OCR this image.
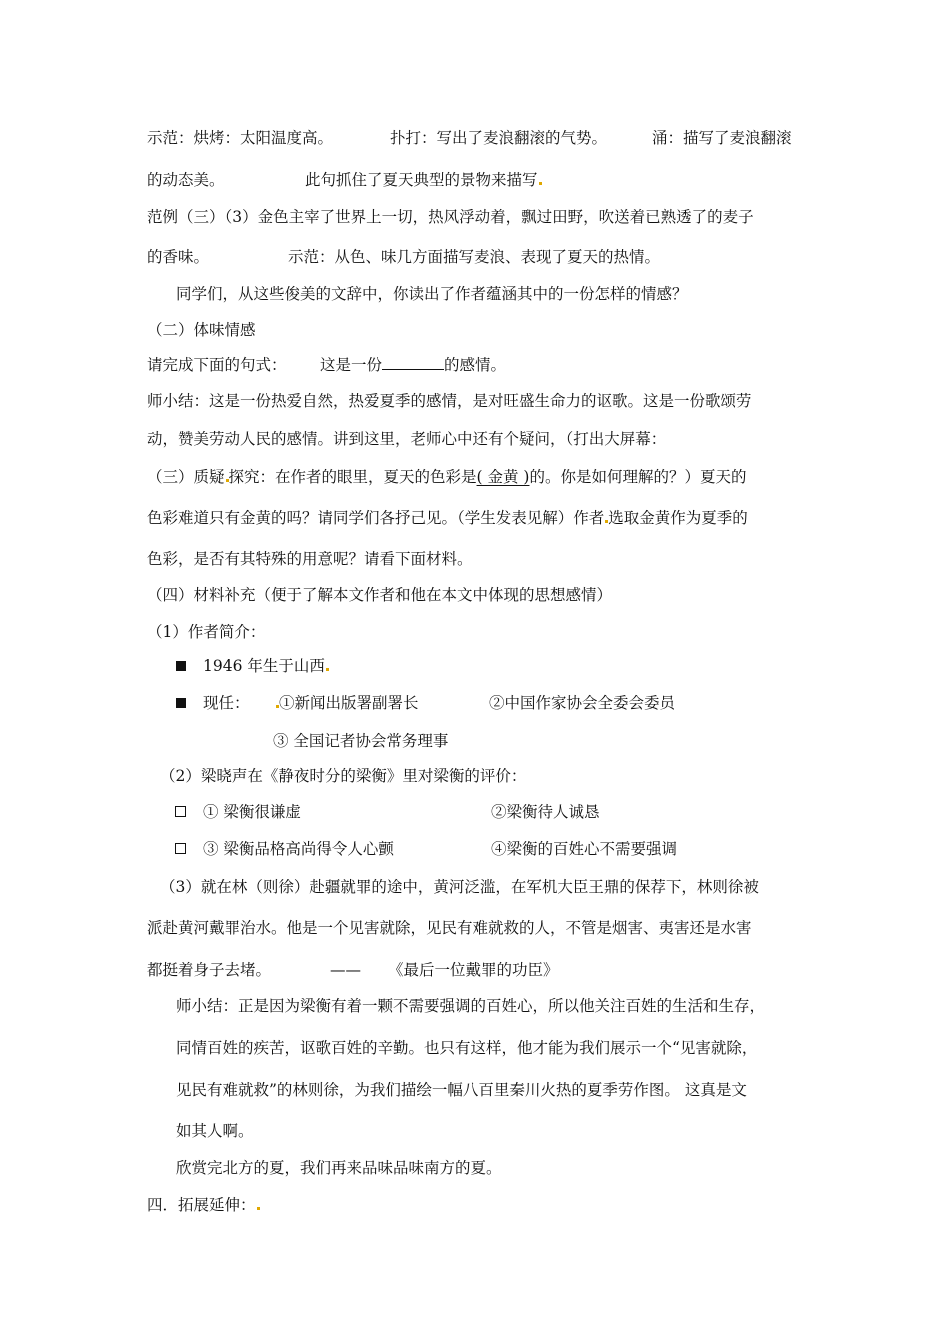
示范：烘烤：太阳温度高。	扑打：写出了麦浪翻滚的气势。	涌：描写了麦浪翻滚
的动态美。	此句抓住了夏天典型的景物来描写
范例（三）（3）金色主宰了世界上一切，热风浮动着，飘过田野，吹送着已熟透了的麦子
的香味。	示范：从色、味几方面描写麦浪、表现了夏天的热情。
同学们，从这些俊美的文辞中，你读出了作者蕴涵其中的一份怎样的情感？
（二）体味情感
请完成下面的句式： 这是一份	的感情。
师小结：这是一份热爱自然，热爱夏季的感情，是对旺盛生命力的讴歌。这是一份歌颂劳
动，赞美劳动人民的感情。讲到这里，老师心中还有个疑问，（打出大屏幕：
（三）质疑 探究：在作者的眼里，夏天的色彩是( 金黄 )的。你是如何理解的？）夏天的
色彩难道只有金黄的吗？请同学们各抒己见。（学生发表见解）作者 选取金黄作为夏季的
色彩，是否有其特殊的用意呢？请看下面材料。
（四）材料补充（便于了解本文作者和他在本文中体现的思想感情）
（1）作者简介：
1946 年生于山西
现任： ①新闻出版署副署长	②中国作家协会全委会委员
③ 全国记者协会常务理事
（2）梁晓声在《静夜时分的梁衡》里对梁衡的评价：
① 梁衡很谦虚	②梁衡待人诚恳
③ 梁衡品格高尚得令人心颤	④梁衡的百姓心不需要强调
（3）就在林（则徐）赴疆就罪的途中，黄河泛滥，在军机大臣王鼎的保荐下，林则徐被
派赴黄河戴罪治水。他是一个见害就除，见民有难就救的人，不管是烟害、夷害还是水害
都挺着身子去堵。	—— 《最后一位戴罪的功臣》
师小结：正是因为梁衡有着一颗不需要强调的百姓心，所以他关注百姓的生活和生存，
同情百姓的疾苦，讴歌百姓的辛勤。也只有这样，他才能为我们展示一个“见害就除，
见民有难就救”的林则徐，为我们描绘一幅八百里秦川火热的夏季劳作图。 这真是文
如其人啊。
欣赏完北方的夏，我们再来品味品味南方的夏。
四．拓展延伸：
